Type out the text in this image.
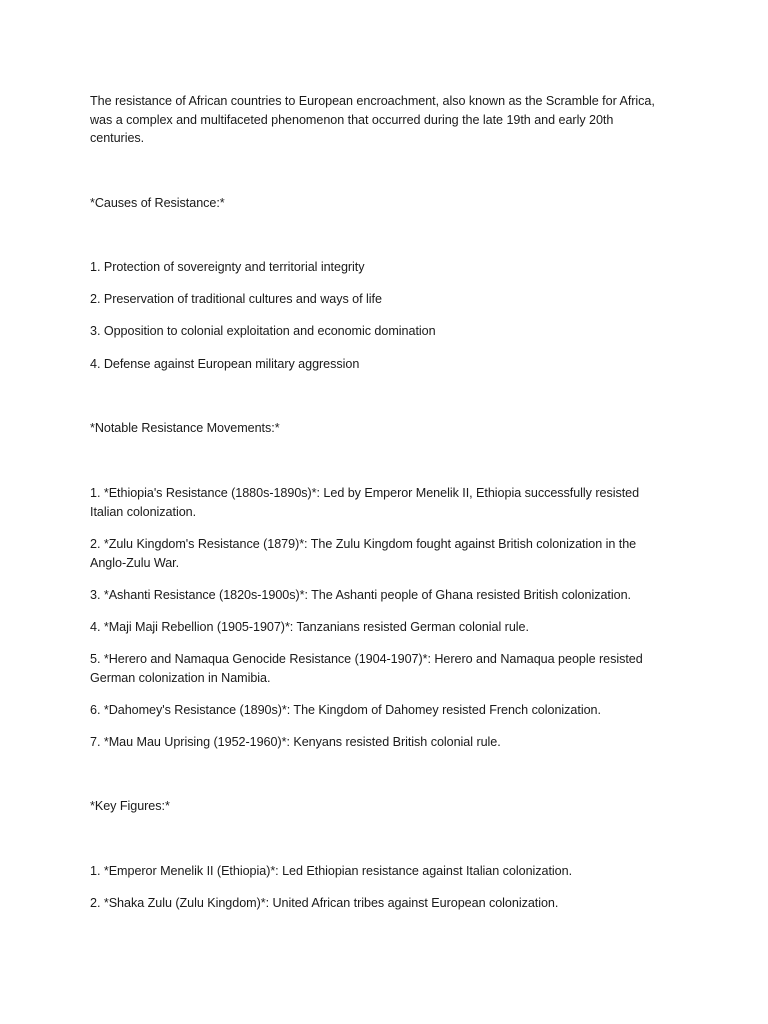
The resistance of African countries to European encroachment, also known as the Scramble for Africa, was a complex and multifaceted phenomenon that occurred during the late 19th and early 20th centuries.

*Causes of Resistance:*

1. Protection of sovereignty and territorial integrity

2. Preservation of traditional cultures and ways of life

3. Opposition to colonial exploitation and economic domination

4. Defense against European military aggression

*Notable Resistance Movements:*

1. *Ethiopia's Resistance (1880s-1890s)*: Led by Emperor Menelik II, Ethiopia successfully resisted Italian colonization.

2. *Zulu Kingdom's Resistance (1879)*: The Zulu Kingdom fought against British colonization in the Anglo-Zulu War.

3. *Ashanti Resistance (1820s-1900s)*: The Ashanti people of Ghana resisted British colonization.

4. *Maji Maji Rebellion (1905-1907)*: Tanzanians resisted German colonial rule.

5. *Herero and Namaqua Genocide Resistance (1904-1907)*: Herero and Namaqua people resisted German colonization in Namibia.

6. *Dahomey's Resistance (1890s)*: The Kingdom of Dahomey resisted French colonization.

7. *Mau Mau Uprising (1952-1960)*: Kenyans resisted British colonial rule.

*Key Figures:*

1. *Emperor Menelik II (Ethiopia)*: Led Ethiopian resistance against Italian colonization.

2. *Shaka Zulu (Zulu Kingdom)*: United African tribes against European colonization.
